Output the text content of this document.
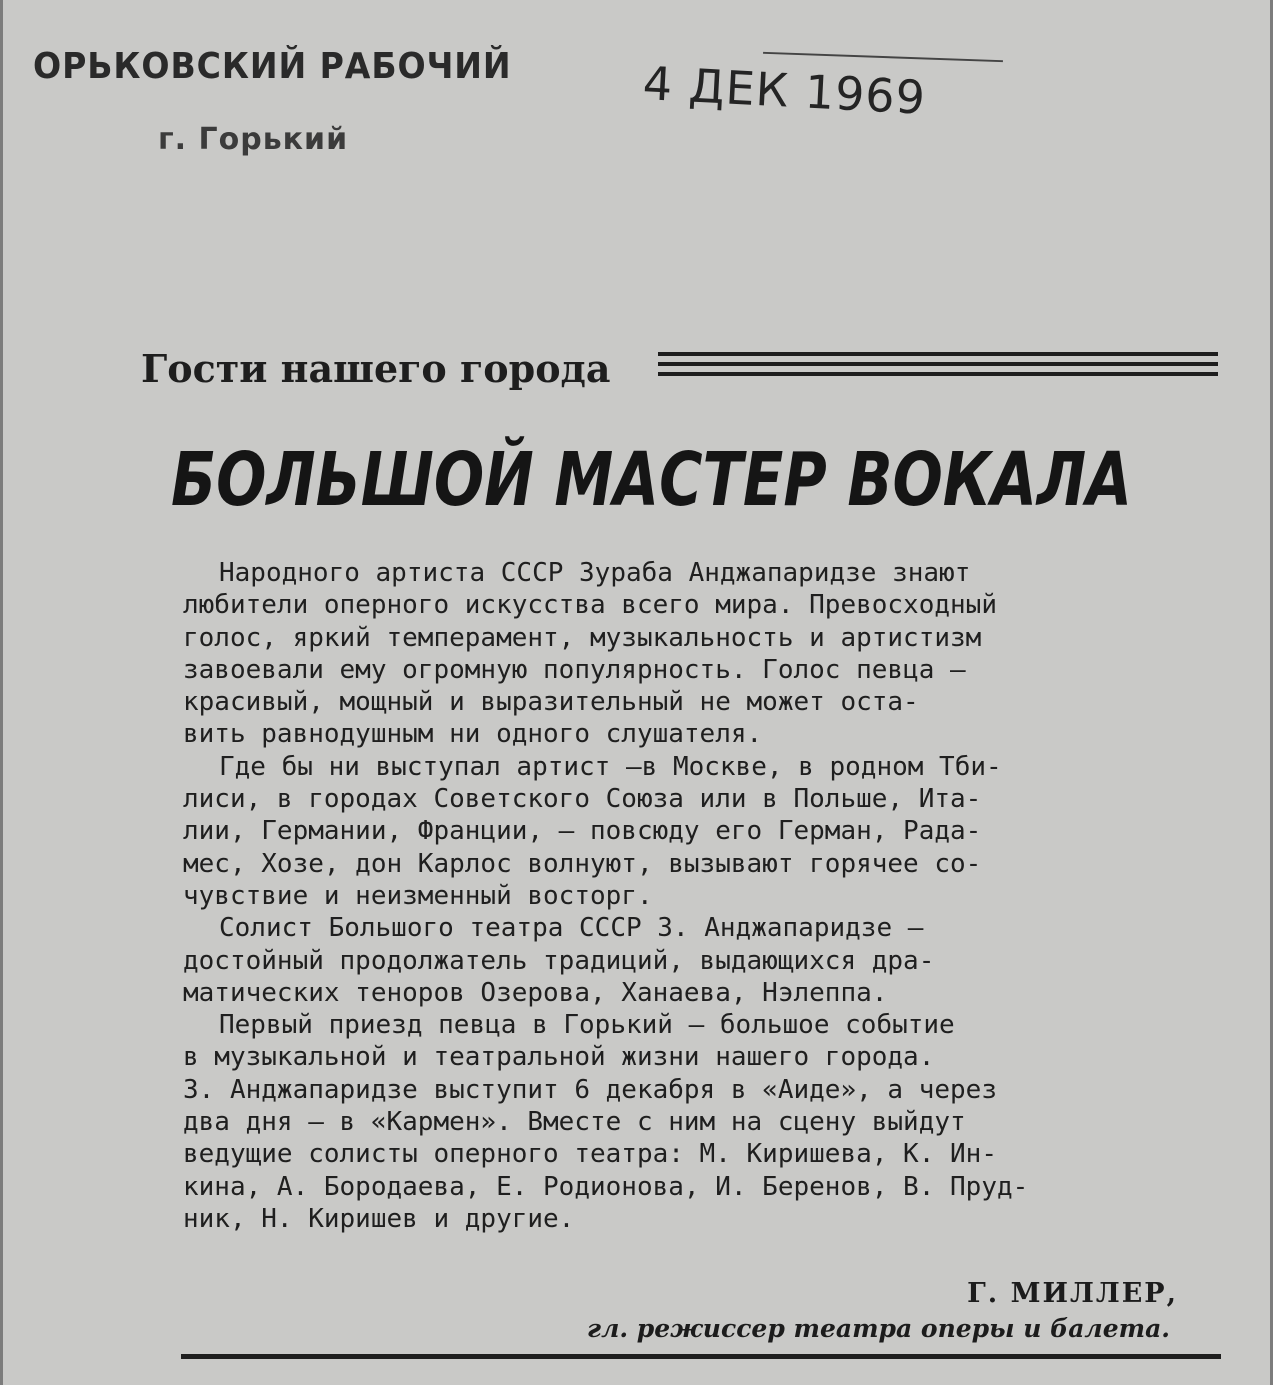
ОРЬКОВСКИЙ РАБОЧИЙ
г. Горький
4 ДЕК 1969
Гости нашего города
БОЛЬШОЙ МАСТЕР ВОКАЛА
Народного артиста СССР Зураба Анджапаридзе знают
любители оперного искусства всего мира. Превосходный
голос, яркий темперамент, музыкальность и артистизм
завоевали ему огромную популярность. Голос певца —
красивый, мощный и выразительный не может оста-
вить равнодушным ни одного слушателя.
Где бы ни выступал артист —в Москве, в родном Тби-
лиси, в городах Советского Союза или в Польше, Ита-
лии, Германии, Франции, — повсюду его Герман, Рада-
мес, Хозе, дон Карлос волнуют, вызывают горячее со-
чувствие и неизменный восторг.
Солист Большого театра СССР З. Анджапаридзе —
достойный продолжатель традиций, выдающихся дра-
матических теноров Озерова, Ханаева, Нэлеппа.
Первый приезд певца в Горький — большое событие
в музыкальной и театральной жизни нашего города.
З. Анджапаридзе выступит 6 декабря в «Аиде», а через
два дня — в «Кармен». Вместе с ним на сцену выйдут
ведущие солисты оперного театра: М. Киришева, К. Ин-
кина, А. Бородаева, Е. Родионова, И. Беренов, В. Пруд-
ник, Н. Киришев и другие.
Г. МИЛЛЕР,
гл. режиссер театра оперы и балета.
